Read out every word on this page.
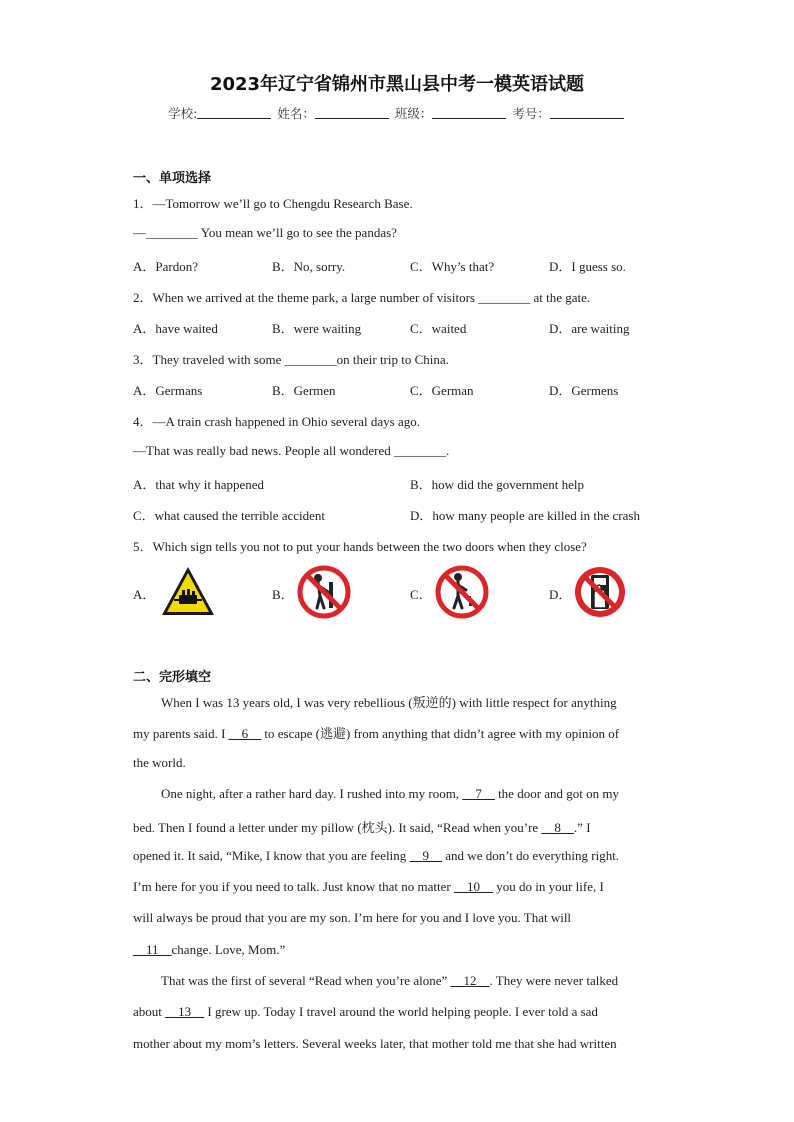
2023年辽宁省锦州市黑山县中考一模英语试题
学校:	姓名：	班级：	考号：
一、单项选择
1．—Tomorrow we’ll go to Chengdu Research Base.
—________ You mean we’ll go to see the pandas?
A．Pardon?	B．No, sorry.	C．Why’s that?	D．I guess so.
2．When we arrived at the theme park, a large number of visitors ________ at the gate.
A．have waited	B．were waiting	C．waited	D．are waiting
3．They traveled with some ________on their trip to China.
A．Germans	B．Germen	C．German	D．Germens
4．—A train crash happened in Ohio several days ago.
—That was really bad news. People all wondered ________.
A．that why it happened	B．how did the government help
C．what caused the terrible accident	D．how many people are killed in the crash
5．Which sign tells you not to put your hands between the two doors when they close?
A．	B．	C．	D．
二、完形填空
When I was 13 years old, I was very rebellious (叛逆的) with little respect for anything
my parents said. I __6__ to escape (逃避) from anything that didn’t agree with my opinion of
the world.
One night, after a rather hard day. I rushed into my room, __7__ the door and got on my
bed. Then I found a letter under my pillow (枕头). It said, “Read when you’re __8__.” I
opened it. It said, “Mike, I know that you are feeling __9__ and we don’t do everything right.
I’m here for you if you need to talk. Just know that no matter __10__ you do in your life, I
will always be proud that you are my son. I’m here for you and I love you. That will
__11__change. Love, Mom.”
That was the first of several “Read when you’re alone” __12__. They were never talked
about __13__ I grew up. Today I travel around the world helping people. I ever told a sad
mother about my mom’s letters. Several weeks later, that mother told me that she had written
